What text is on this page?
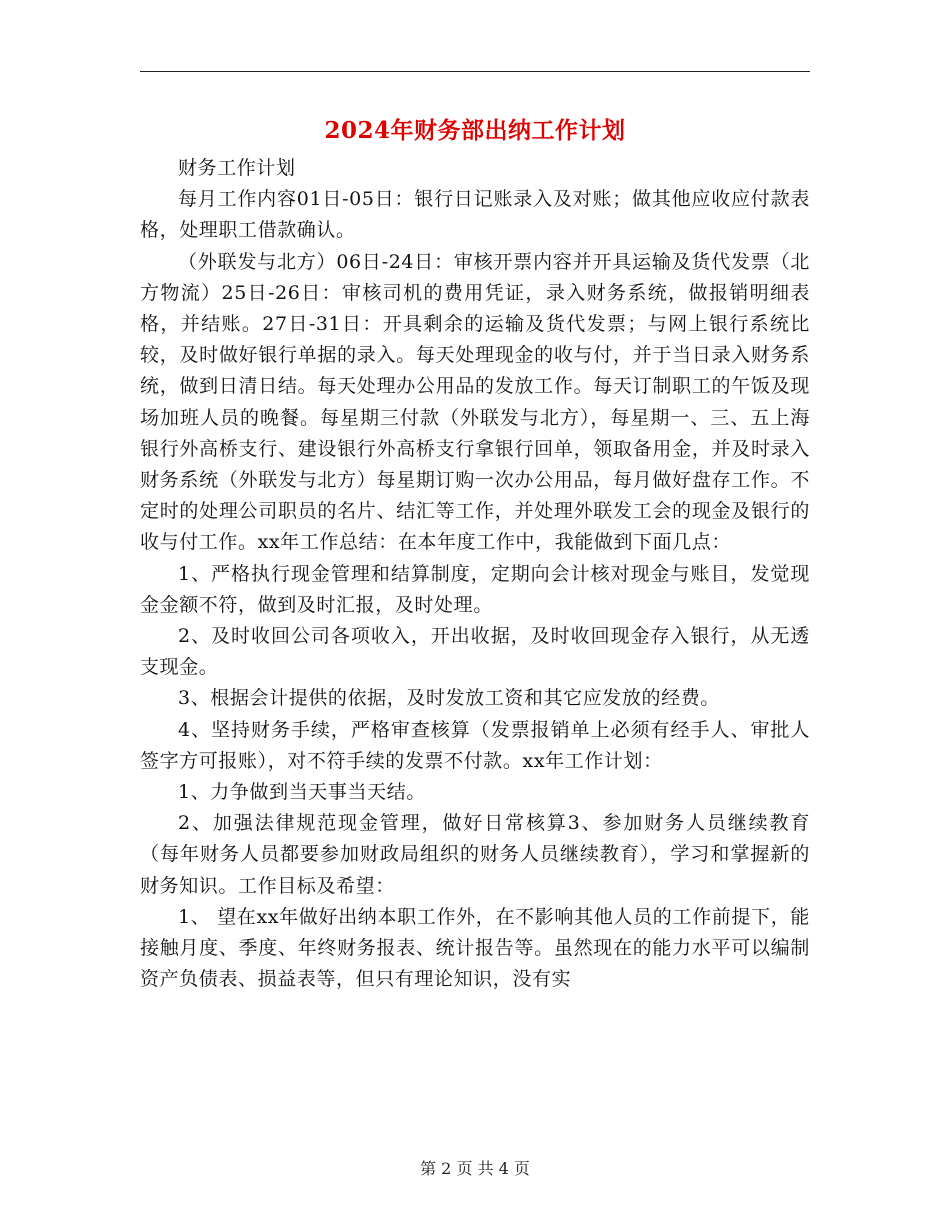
2024年财务部出纳工作计划

财务工作计划

每月工作内容01日-05日：银行日记账录入及对账；做其他应收应付款表格，处理职工借款确认。

（外联发与北方）06日-24日：审核开票内容并开具运输及货代发票（北方物流）25日-26日：审核司机的费用凭证，录入财务系统，做报销明细表格，并结账。27日-31日：开具剩余的运输及货代发票；与网上银行系统比较，及时做好银行单据的录入。每天处理现金的收与付，并于当日录入财务系统，做到日清日结。每天处理办公用品的发放工作。每天订制职工的午饭及现场加班人员的晚餐。每星期三付款（外联发与北方），每星期一、三、五上海银行外高桥支行、建设银行外高桥支行拿银行回单，领取备用金，并及时录入财务系统（外联发与北方）每星期订购一次办公用品，每月做好盘存工作。不定时的处理公司职员的名片、结汇等工作，并处理外联发工会的现金及银行的收与付工作。xx年工作总结：在本年度工作中，我能做到下面几点：

1、严格执行现金管理和结算制度，定期向会计核对现金与账目，发觉现金金额不符，做到及时汇报，及时处理。

2、及时收回公司各项收入，开出收据，及时收回现金存入银行，从无透支现金。

3、根据会计提供的依据，及时发放工资和其它应发放的经费。

4、坚持财务手续，严格审查核算（发票报销单上必须有经手人、审批人签字方可报账），对不符手续的发票不付款。xx年工作计划：

1、力争做到当天事当天结。

2、加强法律规范现金管理，做好日常核算3、参加财务人员继续教育（每年财务人员都要参加财政局组织的财务人员继续教育），学习和掌握新的财务知识。工作目标及希望：

1、 望在xx年做好出纳本职工作外，在不影响其他人员的工作前提下，能接触月度、季度、年终财务报表、统计报告等。虽然现在的能力水平可以编制资产负债表、损益表等，但只有理论知识，没有实

第 2 页 共 4 页
